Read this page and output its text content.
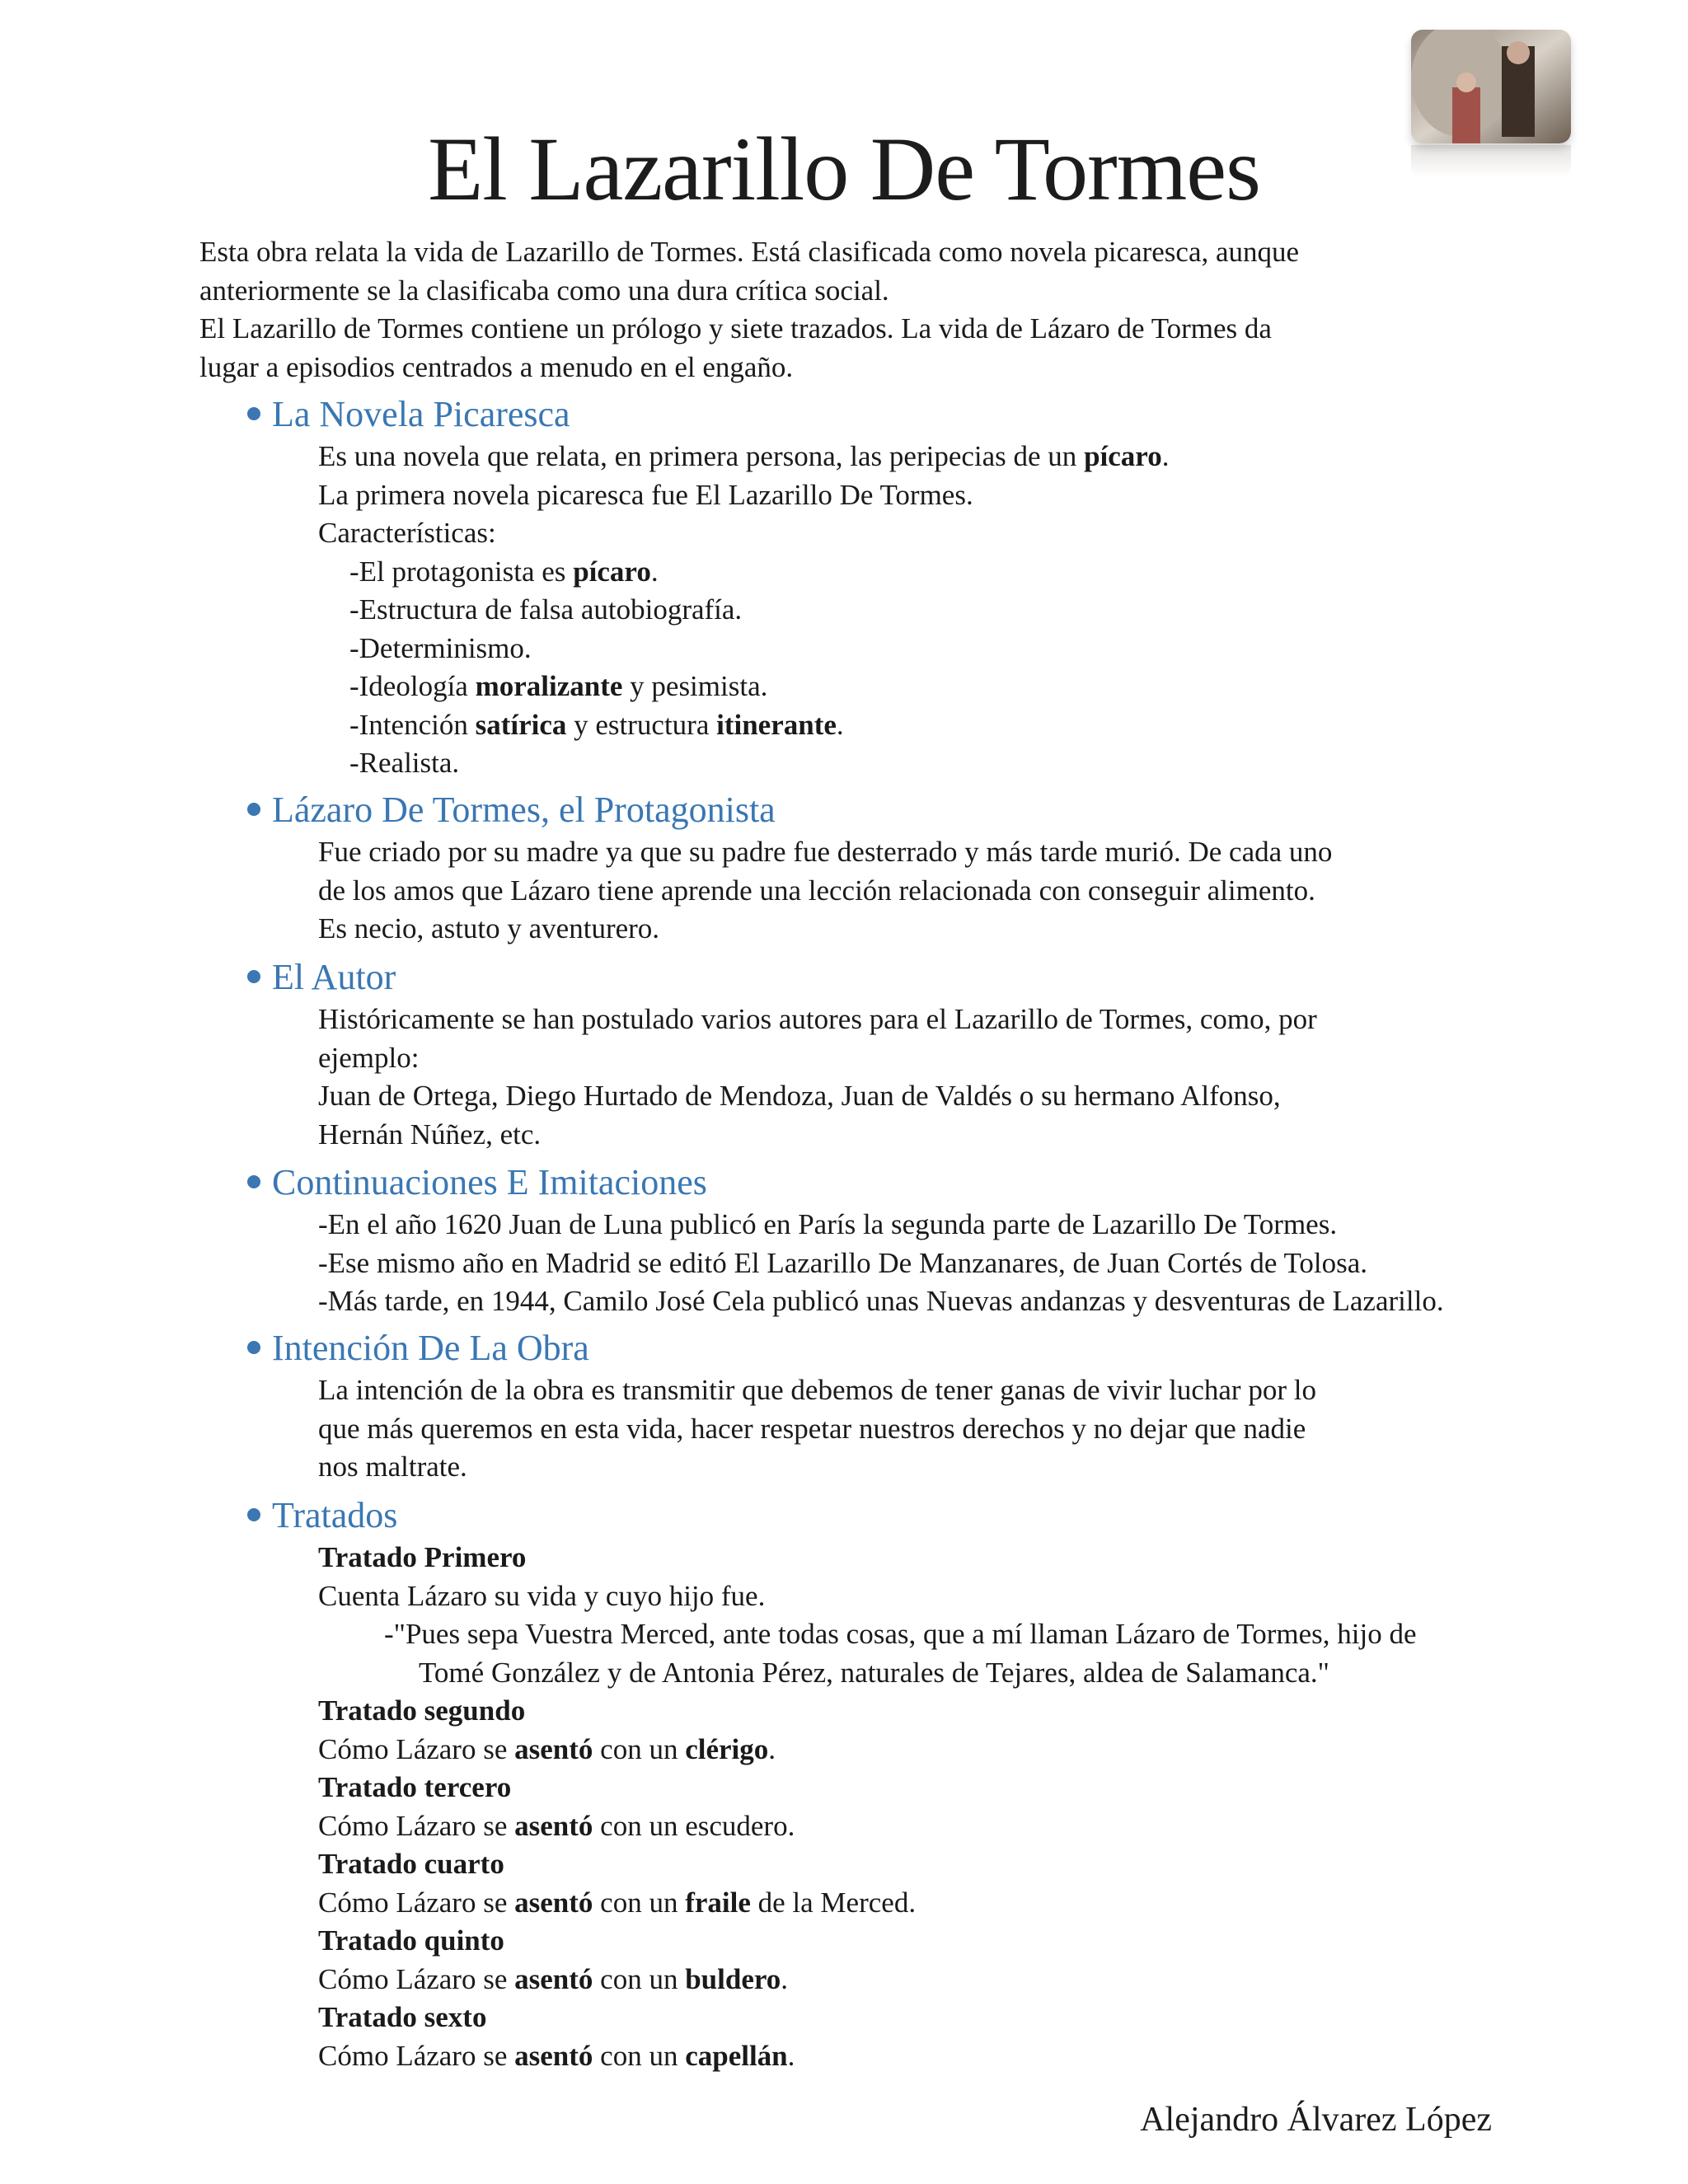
El Lazarillo De Tormes
Esta obra relata la vida de Lazarillo de Tormes. Está clasificada como novela picaresca, aunque
anteriormente se la clasificaba como una dura crítica social.
El Lazarillo de Tormes contiene un prólogo y siete trazados. La vida de Lázaro de Tormes da
lugar a episodios centrados a menudo en el engaño.
La Novela Picaresca
Es una novela que relata, en primera persona, las peripecias de un pícaro.
La primera novela picaresca fue El Lazarillo De Tormes.
Características:
-El protagonista es pícaro.
-Estructura de falsa autobiografía.
-Determinismo.
-Ideología moralizante y pesimista.
-Intención satírica y estructura itinerante.
-Realista.
Lázaro De Tormes, el Protagonista
Fue criado por su madre ya que su padre fue desterrado y más tarde murió. De cada uno
de los amos que Lázaro tiene aprende una lección relacionada con conseguir alimento.
Es necio, astuto y aventurero.
El Autor
Históricamente se han postulado varios autores para el Lazarillo de Tormes, como, por
ejemplo:
Juan de Ortega, Diego Hurtado de Mendoza, Juan de Valdés o su hermano Alfonso,
Hernán Núñez, etc.
Continuaciones E Imitaciones
-En el año 1620 Juan de Luna publicó en París la segunda parte de Lazarillo De Tormes.
-Ese mismo año en Madrid se editó El Lazarillo De Manzanares, de Juan Cortés de Tolosa.
-Más tarde, en 1944, Camilo José Cela publicó unas Nuevas andanzas y desventuras de Lazarillo.
Intención De La Obra
La intención de la obra es transmitir que debemos de tener ganas de vivir luchar por lo
que más queremos en esta vida, hacer respetar nuestros derechos y no dejar que nadie
nos maltrate.
Tratados
Tratado Primero
Cuenta Lázaro su vida y cuyo hijo fue.
-"Pues sepa Vuestra Merced, ante todas cosas, que a mí llaman Lázaro de Tormes, hijo de
Tomé González y de Antonia Pérez, naturales de Tejares, aldea de Salamanca."
Tratado segundo
Cómo Lázaro se asentó con un clérigo.
Tratado tercero
Cómo Lázaro se asentó con un escudero.
Tratado cuarto
Cómo Lázaro se asentó con un fraile de la Merced.
Tratado quinto
Cómo Lázaro se asentó con un buldero.
Tratado sexto
Cómo Lázaro se asentó con un capellán.
Alejandro Álvarez López
